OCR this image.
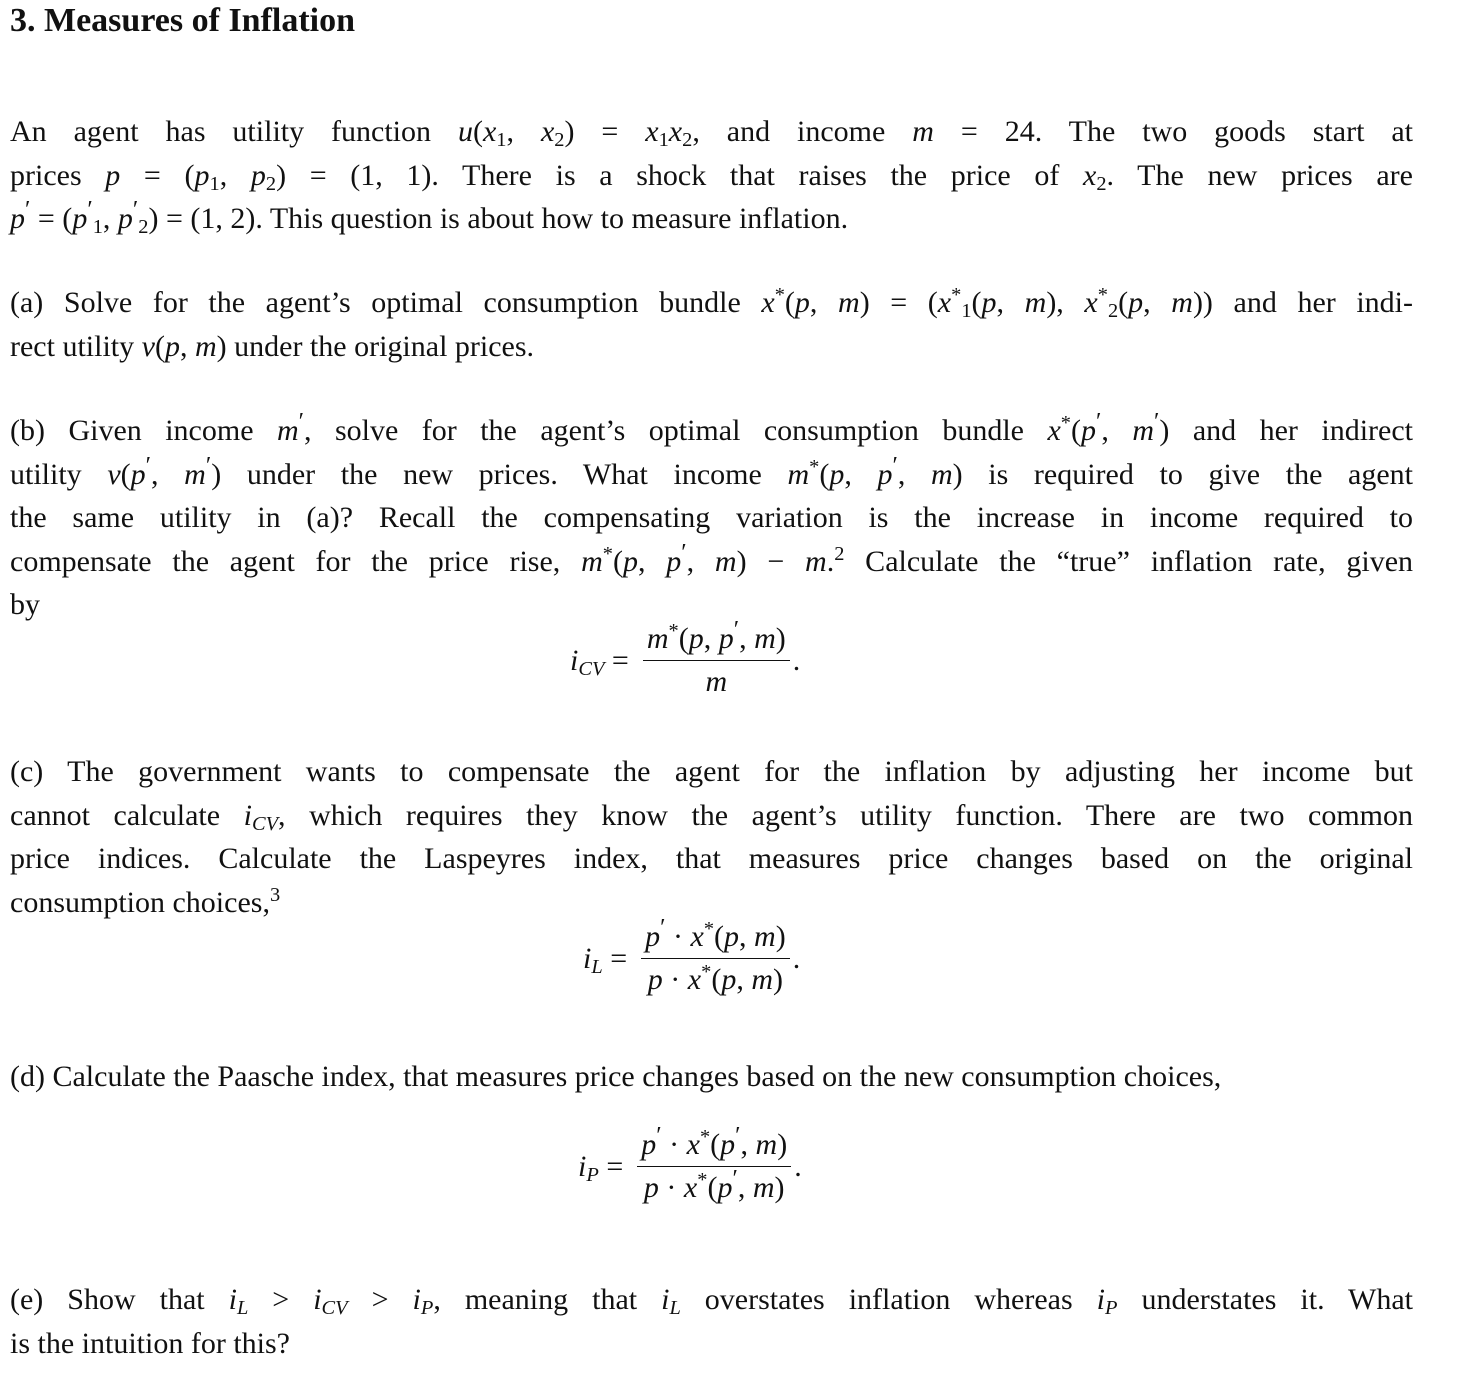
3. Measures of Inflation
An agent has utility function $u(x_1$, $x_2) = x_1x_2$, and income m = 24. The two goods start at
prices $p = (p_1$, $p_2) = (1$, 1). There is a shock that raises the price of $x_2$. The new prices are
$p' = (p'_1$, $p'_2) = (1$, 2). This question is about how to measure inflation.
(a) Solve for the agent’s optimal consumption bundle x*(p, $m) = (x^*_1(p$, m), $x^*_2(p$, m)) and her indi-
rect utility v(p, m) under the original prices.
(b) Given income m′, solve for the agent’s optimal consumption bundle x*(p′, m′) and her indirect
utility v(p′, m′) under the new prices. What income m*(p, p′, m) is required to give the agent
the same utility in (a)? Recall the compensating variation is the increase in income required to
compensate the agent for the price rise, m*(p, p′, m) − m.$^2$ Calculate the “true” inflation rate, given
by
$i_{CV} = \frac{m^*(p, p', m)}{m}$ .
(c) The government wants to compensate the agent for the inflation by adjusting her income but
cannot calculate $i_{CV}$, which requires they know the agent’s utility function. There are two common
price indices. Calculate the Laspeyres index, that measures price changes based on the original
consumption choices,$^3$
$i_L = \frac{p' \cdot x^*(p, m)}{p \cdot x^*(p, m)}$ .
(d) Calculate the Paasche index, that measures price changes based on the new consumption choices,
$i_P = \frac{p' \cdot x^*(p', m)}{p \cdot x^*(p', m)}$ .
(e) Show that $i_L > i_{CV} > i_P$, meaning that $i_L$ overstates inflation whereas $i_P$ understates it. What
is the intuition for this?
